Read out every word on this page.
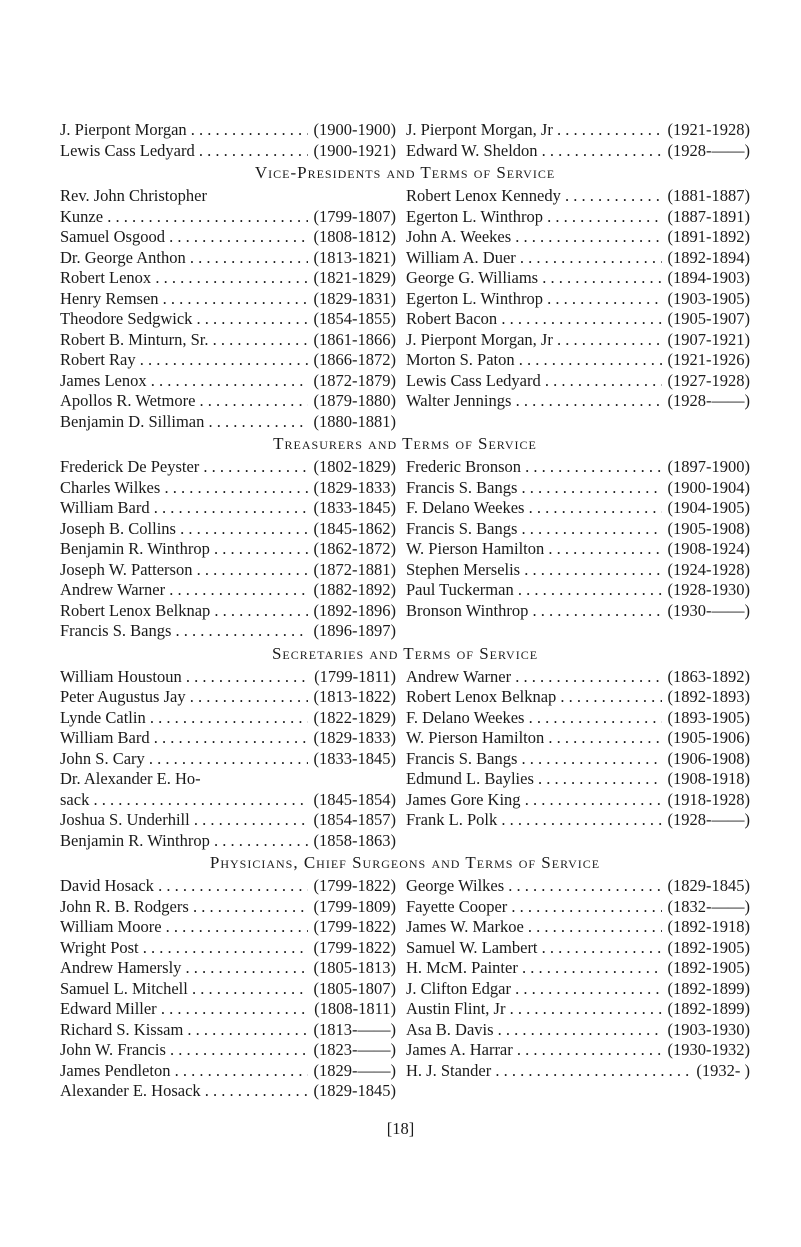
J. Pierpont Morgan . . .	(1900-1900)
Lewis Cass Ledyard . . .	(1900-1921)
J. Pierpont Morgan, Jr . . .	(1921-1928)
Edward W. Sheldon . . .	(1928-——)
Vice-Presidents and Terms of Service
Rev. John Christopher
Kunze . . .	(1799-1807)
Samuel Osgood . . .	(1808-1812)
Dr. George Anthon . . .	(1813-1821)
Robert Lenox . . .	(1821-1829)
Henry Remsen . . .	(1829-1831)
Theodore Sedgwick . . .	(1854-1855)
Robert B. Minturn, Sr. . . .	(1861-1866)
Robert Ray . . .	(1866-1872)
James Lenox . . .	(1872-1879)
Apollos R. Wetmore . . .	(1879-1880)
Benjamin D. Silliman . . .	(1880-1881)
Robert Lenox Kennedy . . .	(1881-1887)
Egerton L. Winthrop . . .	(1887-1891)
John A. Weekes . . .	(1891-1892)
William A. Duer . . .	(1892-1894)
George G. Williams . . .	(1894-1903)
Egerton L. Winthrop . . .	(1903-1905)
Robert Bacon . . .	(1905-1907)
J. Pierpont Morgan, Jr . . .	(1907-1921)
Morton S. Paton . . .	(1921-1926)
Lewis Cass Ledyard . . .	(1927-1928)
Walter Jennings . . .	(1928-——)
Treasurers and Terms of Service
Frederick De Peyster . . .	(1802-1829)
Charles Wilkes . . .	(1829-1833)
William Bard . . .	(1833-1845)
Joseph B. Collins . . .	(1845-1862)
Benjamin R. Winthrop . . .	(1862-1872)
Joseph W. Patterson . . .	(1872-1881)
Andrew Warner . . .	(1882-1892)
Robert Lenox Belknap . . .	(1892-1896)
Francis S. Bangs . . .	(1896-1897)
Frederic Bronson . . .	(1897-1900)
Francis S. Bangs . . .	(1900-1904)
F. Delano Weekes . . .	(1904-1905)
Francis S. Bangs . . .	(1905-1908)
W. Pierson Hamilton . . .	(1908-1924)
Stephen Merselis . . .	(1924-1928)
Paul Tuckerman . . .	(1928-1930)
Bronson Winthrop . . .	(1930-——)
Secretaries and Terms of Service
William Houstoun . . .	(1799-1811)
Peter Augustus Jay . . .	(1813-1822)
Lynde Catlin . . .	(1822-1829)
William Bard . . .	(1829-1833)
John S. Cary . . .	(1833-1845)
Dr. Alexander E. Ho-
sack . . .	(1845-1854)
Joshua S. Underhill . . .	(1854-1857)
Benjamin R. Winthrop . . .	(1858-1863)
Andrew Warner . . .	(1863-1892)
Robert Lenox Belknap . . .	(1892-1893)
F. Delano Weekes . . .	(1893-1905)
W. Pierson Hamilton . . .	(1905-1906)
Francis S. Bangs . . .	(1906-1908)
Edmund L. Baylies . . .	(1908-1918)
James Gore King . . .	(1918-1928)
Frank L. Polk . . .	(1928-——)
Physicians, Chief Surgeons and Terms of Service
David Hosack . . .	(1799-1822)
John R. B. Rodgers . . .	(1799-1809)
William Moore . . .	(1799-1822)
Wright Post . . .	(1799-1822)
Andrew Hamersly . . .	(1805-1813)
Samuel L. Mitchell . . .	(1805-1807)
Edward Miller . . .	(1808-1811)
Richard S. Kissam . . .	(1813-——)
John W. Francis . . .	(1823-——)
James Pendleton . . .	(1829-——)
Alexander E. Hosack . . .	(1829-1845)
George Wilkes . . .	(1829-1845)
Fayette Cooper . . .	(1832-——)
James W. Markoe . . .	(1892-1918)
Samuel W. Lambert . . .	(1892-1905)
H. McM. Painter . . .	(1892-1905)
J. Clifton Edgar . . .	(1892-1899)
Austin Flint, Jr . . .	(1892-1899)
Asa B. Davis . . .	(1903-1930)
James A. Harrar . . .	(1930-1932)
H. J. Stander . . .	(1932- )
[18]
